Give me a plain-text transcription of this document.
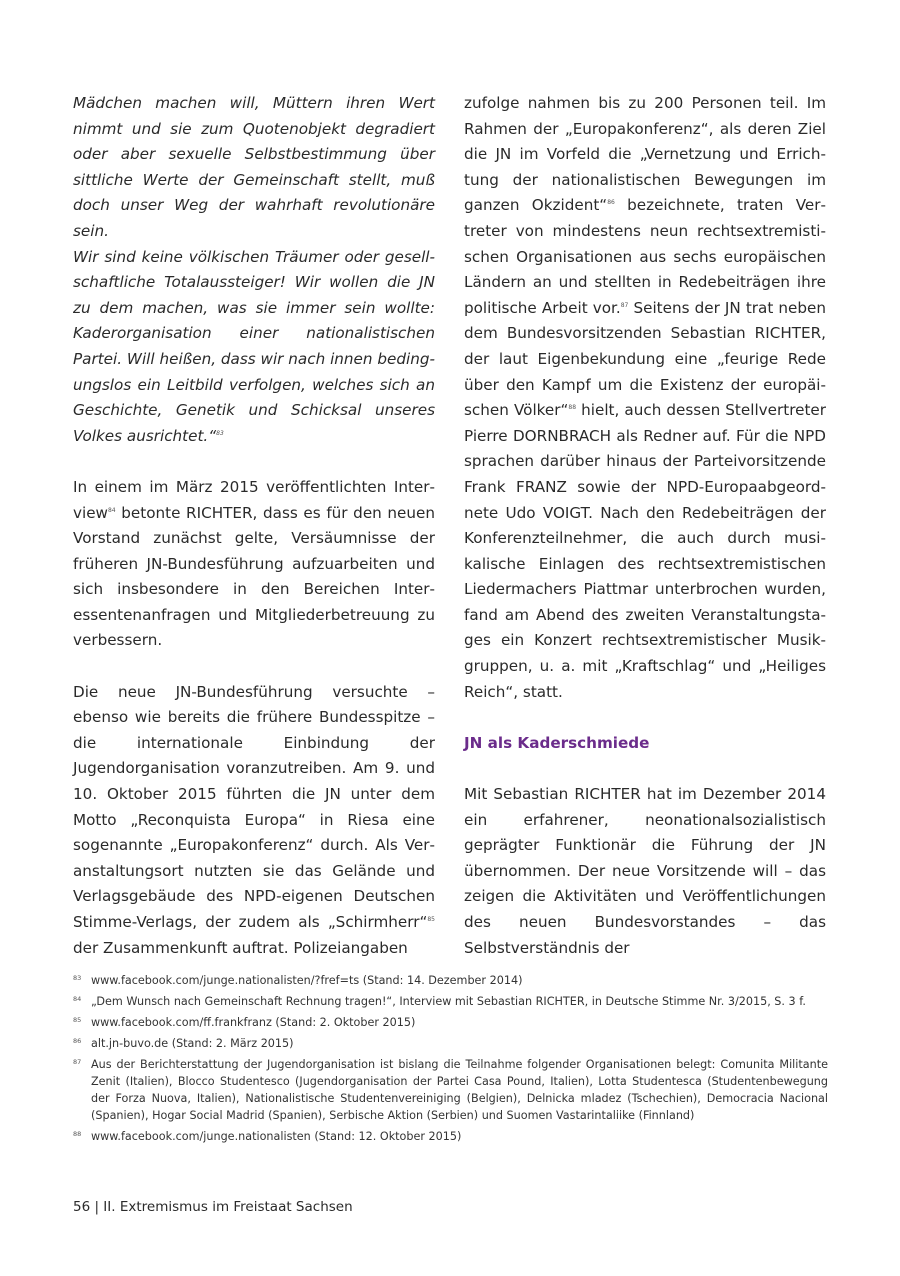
Mädchen machen will, Müttern ihren Wert nimmt und sie zum Quotenobjekt degradiert oder aber sexuelle Selbstbestimmung über sittliche Werte der Gemeinschaft stellt, muß doch unser Weg der wahrhaft revolutionäre sein.

Wir sind keine völkischen Träumer oder gesellschaftliche Totalaussteiger! Wir wollen die JN zu dem machen, was sie immer sein wollte: Kaderorganisation einer nationalistischen Partei. Will heißen, dass wir nach innen bedingungslos ein Leitbild verfolgen, welches sich an Geschichte, Genetik und Schicksal unseres Volkes ausrichtet.“$^{83}$

In einem im März 2015 veröffentlichten Interview$^{84}$ betonte RICHTER, dass es für den neuen Vorstand zunächst gelte, Versäumnisse der früheren JN-Bundesführung aufzuarbeiten und sich insbesondere in den Bereichen Interessentenanfragen und Mitgliederbetreuung zu verbessern.

Die neue JN-Bundesführung versuchte – ebenso wie bereits die frühere Bundesspitze – die internationale Einbindung der Jugendorganisation voranzutreiben. Am 9. und 10. Oktober 2015 führten die JN unter dem Motto „Reconquista Europa“ in Riesa eine sogenannte „Europakonferenz“ durch. Als Veranstaltungsort nutzten sie das Gelände und Verlagsgebäude des NPD-eigenen Deutschen Stimme-Verlags, der zudem als „Schirmherr“$^{85}$ der Zusammenkunft auftrat. Polizeiangaben

zufolge nahmen bis zu 200 Personen teil. Im Rahmen der „Europakonferenz“, als deren Ziel die JN im Vorfeld die „Vernetzung und Errichtung der nationalistischen Bewegungen im ganzen Okzident“$^{86}$ bezeichnete, traten Vertreter von mindestens neun rechtsextremistischen Organisationen aus sechs europäischen Ländern an und stellten in Redebeiträgen ihre politische Arbeit vor.$^{87}$ Seitens der JN trat neben dem Bundesvorsitzenden Sebastian RICHTER, der laut Eigenbekundung eine „feurige Rede über den Kampf um die Existenz der europäischen Völker“$^{88}$ hielt, auch dessen Stellvertreter Pierre DORNBRACH als Redner auf. Für die NPD sprachen darüber hinaus der Parteivorsitzende Frank FRANZ sowie der NPD-Europaabgeordnete Udo VOIGT. Nach den Redebeiträgen der Konferenzteilnehmer, die auch durch musikalische Einlagen des rechtsextremistischen Liedermachers Piattmar unterbrochen wurden, fand am Abend des zweiten Veranstaltungstages ein Konzert rechtsextremistischer Musikgruppen, u. a. mit „Kraftschlag“ und „Heiliges Reich“, statt.

JN als Kaderschmiede

Mit Sebastian RICHTER hat im Dezember 2014 ein erfahrener, neonationalsozialistisch geprägter Funktionär die Führung der JN übernommen. Der neue Vorsitzende will – das zeigen die Aktivitäten und Veröffentlichungen des neuen Bundesvorstandes – das Selbstverständnis der

83 www.facebook.com/junge.nationalisten/?fref=ts (Stand: 14. Dezember 2014)
84 „Dem Wunsch nach Gemeinschaft Rechnung tragen!“, Interview mit Sebastian RICHTER, in Deutsche Stimme Nr. 3/2015, S. 3 f.
85 www.facebook.com/ff.frankfranz (Stand: 2. Oktober 2015)
86 alt.jn-buvo.de (Stand: 2. März 2015)
87 Aus der Berichterstattung der Jugendorganisation ist bislang die Teilnahme folgender Organisationen belegt: Comunita Militante Zenit (Italien), Blocco Studentesco (Jugendorganisation der Partei Casa Pound, Italien), Lotta Studentesca (Studentenbewegung der Forza Nuova, Italien), Nationalistische Studentenvereiniging (Belgien), Delnicka mladez (Tschechien), Democracia Nacional (Spanien), Hogar Social Madrid (Spanien), Serbische Aktion (Serbien) und Suomen Vastarintaliike (Finnland)
88 www.facebook.com/junge.nationalisten (Stand: 12. Oktober 2015)
56 | II. Extremismus im Freistaat Sachsen
